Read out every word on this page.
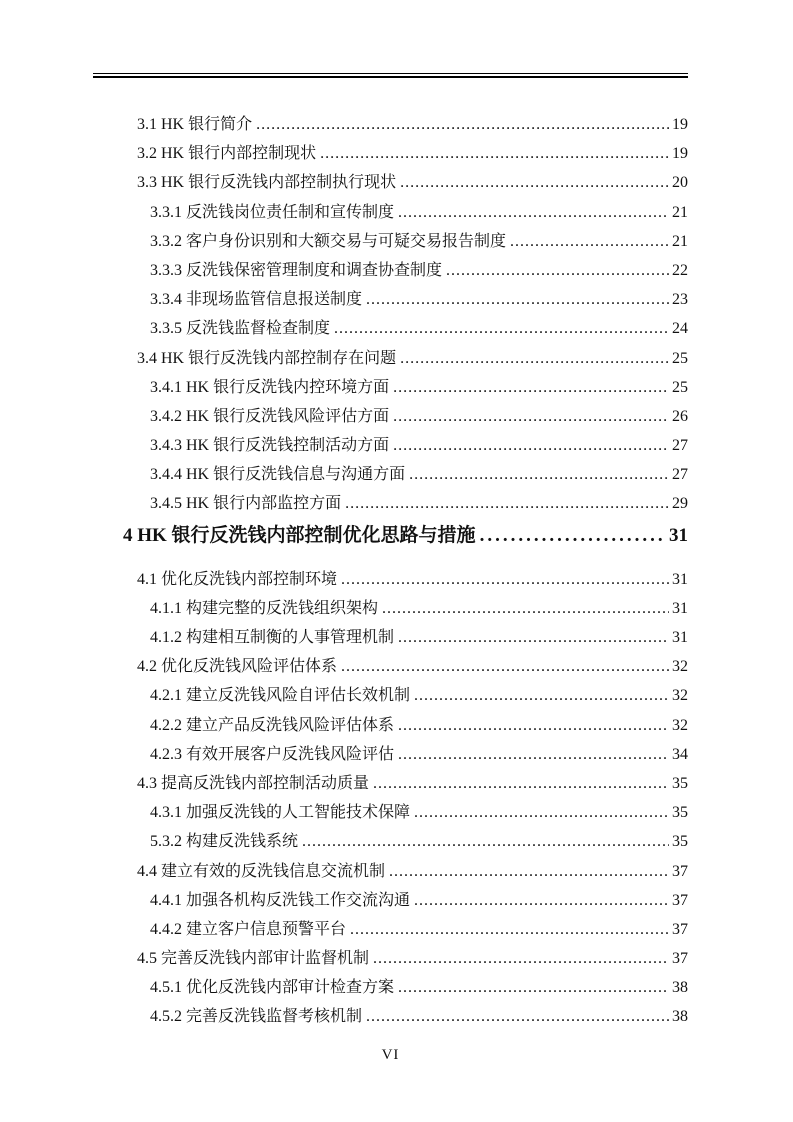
3.1 HK 银行简介 .....	19
3.2 HK 银行内部控制现状 .....	19
3.3 HK 银行反洗钱内部控制执行现状 .....	20
3.3.1 反洗钱岗位责任制和宣传制度 .....	21
3.3.2 客户身份识别和大额交易与可疑交易报告制度 .....	21
3.3.3 反洗钱保密管理制度和调查协查制度 .....	22
3.3.4 非现场监管信息报送制度 .....	23
3.3.5 反洗钱监督检查制度 .....	24
3.4 HK 银行反洗钱内部控制存在问题 .....	25
3.4.1 HK 银行反洗钱内控环境方面 .....	25
3.4.2 HK 银行反洗钱风险评估方面 .....	26
3.4.3 HK 银行反洗钱控制活动方面 .....	27
3.4.4 HK 银行反洗钱信息与沟通方面 .....	27
3.4.5 HK 银行内部监控方面 .....	29
4 HK 银行反洗钱内部控制优化思路与措施 .....	31
4.1 优化反洗钱内部控制环境 .....	31
4.1.1 构建完整的反洗钱组织架构 .....	31
4.1.2 构建相互制衡的人事管理机制 .....	31
4.2 优化反洗钱风险评估体系 .....	32
4.2.1 建立反洗钱风险自评估长效机制 .....	32
4.2.2 建立产品反洗钱风险评估体系 .....	32
4.2.3 有效开展客户反洗钱风险评估 .....	34
4.3 提高反洗钱内部控制活动质量 .....	35
4.3.1 加强反洗钱的人工智能技术保障 .....	35
5.3.2 构建反洗钱系统 .....	35
4.4 建立有效的反洗钱信息交流机制 .....	37
4.4.1 加强各机构反洗钱工作交流沟通 .....	37
4.4.2 建立客户信息预警平台 .....	37
4.5 完善反洗钱内部审计监督机制 .....	37
4.5.1 优化反洗钱内部审计检查方案 .....	38
4.5.2 完善反洗钱监督考核机制 .....	38
VI
